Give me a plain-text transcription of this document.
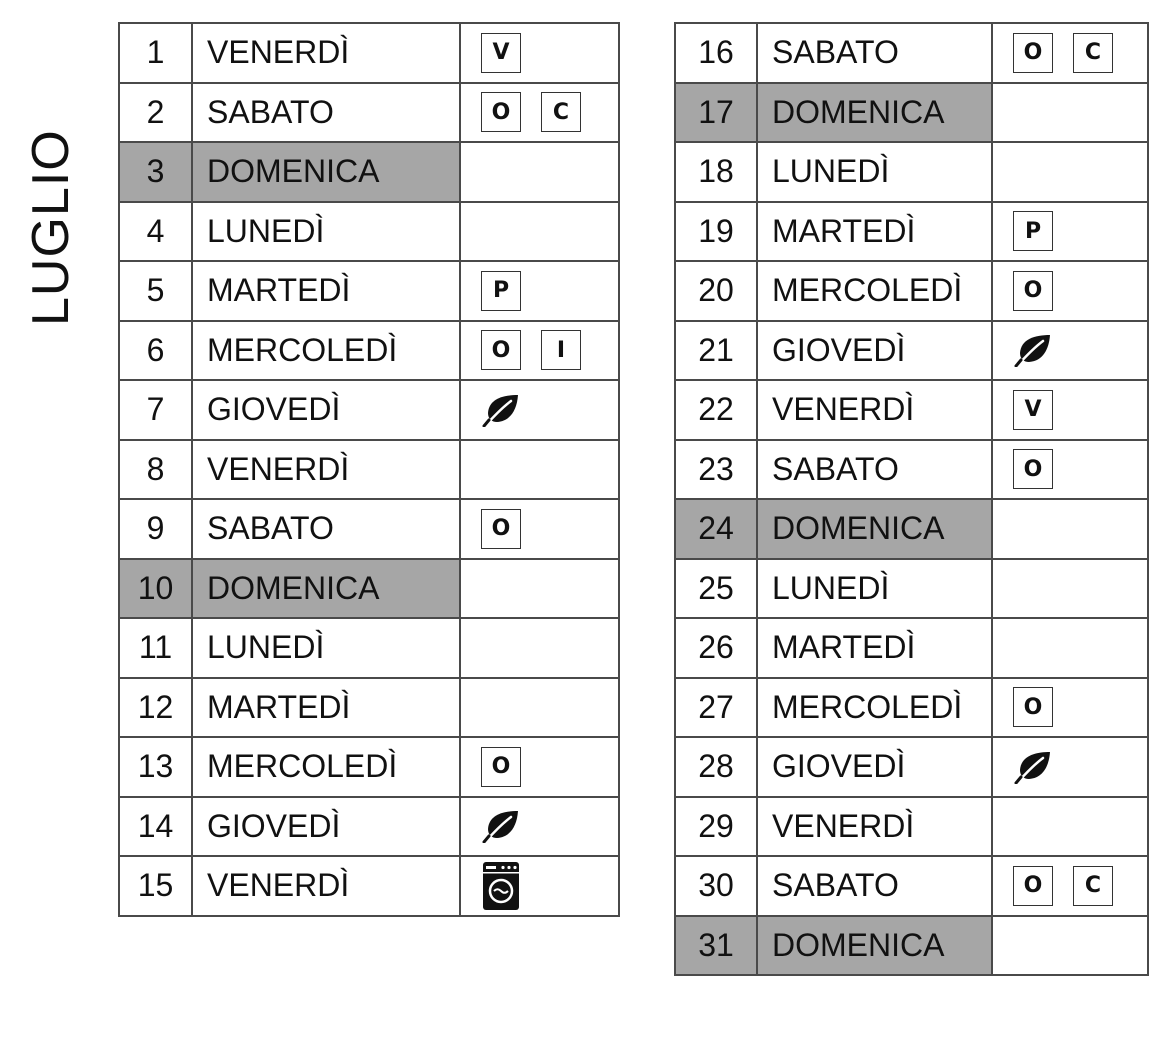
LUGLIO
1	VENERDÌ	V
2	SABATO	O C
3	DOMENICA	
4	LUNEDÌ	
5	MARTEDÌ	P
6	MERCOLEDÌ	O I
7	GIOVEDÌ	

8	VENERDÌ	
9	SABATO	O
10	DOMENICA	
11	LUNEDÌ	
12	MARTEDÌ	
13	MERCOLEDÌ	O
14	GIOVEDÌ	

15	VENERDÌ	
16	SABATO	O C
17	DOMENICA	
18	LUNEDÌ	
19	MARTEDÌ	P
20	MERCOLEDÌ	O
21	GIOVEDÌ	

22	VENERDÌ	V
23	SABATO	O
24	DOMENICA	
25	LUNEDÌ	
26	MARTEDÌ	
27	MERCOLEDÌ	O
28	GIOVEDÌ	

29	VENERDÌ	
30	SABATO	O C
31	DOMENICA	
